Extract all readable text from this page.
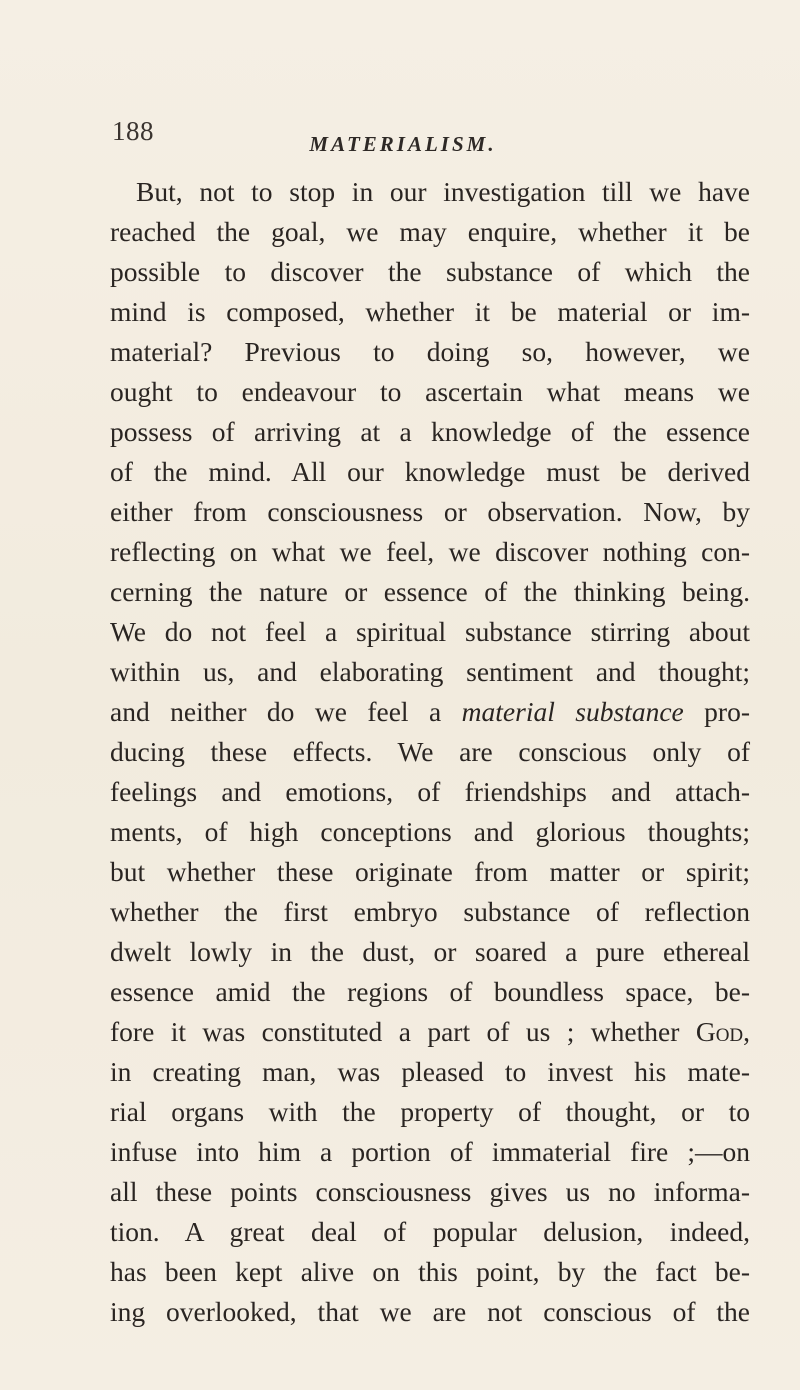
188	MATERIALISM.
But, not to stop in our investigation till we have
reached the goal, we may enquire, whether it be
possible to discover the substance of which the
mind is composed, whether it be material or im-
material? Previous to doing so, however, we
ought to endeavour to ascertain what means we
possess of arriving at a knowledge of the essence
of the mind. All our knowledge must be derived
either from consciousness or observation. Now, by
reflecting on what we feel, we discover nothing con-
cerning the nature or essence of the thinking being.
We do not feel a spiritual substance stirring about
within us, and elaborating sentiment and thought;
and neither do we feel a material substance pro-
ducing these effects. We are conscious only of
feelings and emotions, of friendships and attach-
ments, of high conceptions and glorious thoughts;
but whether these originate from matter or spirit;
whether the first embryo substance of reflection
dwelt lowly in the dust, or soared a pure ethereal
essence amid the regions of boundless space, be-
fore it was constituted a part of us ; whether God,
in creating man, was pleased to invest his mate-
rial organs with the property of thought, or to
infuse into him a portion of immaterial fire ;—on
all these points consciousness gives us no informa-
tion. A great deal of popular delusion, indeed,
has been kept alive on this point, by the fact be-
ing overlooked, that we are not conscious of the
